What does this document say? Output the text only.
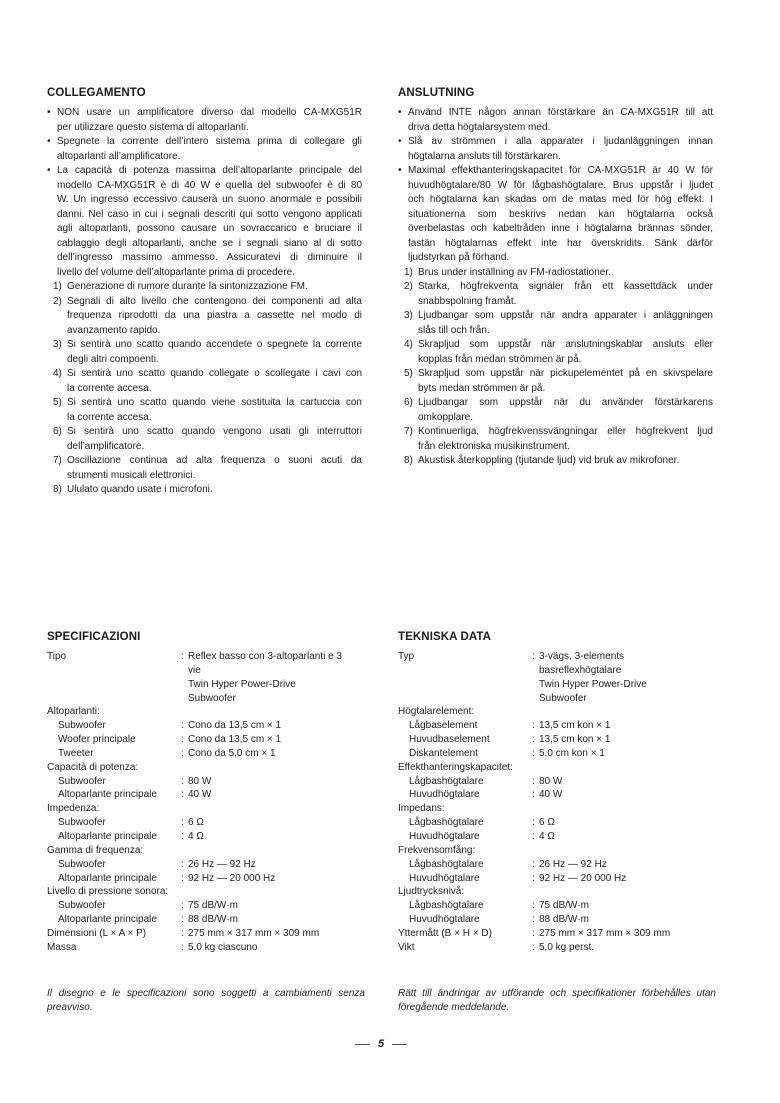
COLLEGAMENTO
• NON usare un amplificatore diverso dal modello CA-MXG51R
per utilizzare questo sistema di altoparlanti.
• Spegnete la corrente dell’intero sistema prima di collegare gli
altoparlanti all’amplificatore.
• La capacità di potenza massima dell’altoparlante principale del
modello CA-MXG51R è di 40 W e quella del subwoofer è di 80
W. Un ingresso eccessivo causerà un suono anormale e possibili
danni. Nel caso in cui i segnali descriti qui sotto vengono applicati
agli altoparlanti, possono causare un sovraccarico e bruciare il
cablaggio degli altoparlanti, anche se i segnali siano al di sotto
dell’ingresso massimo ammesso. Assicuratevi di diminuire il
livello del volume dell’altoparlante prima di procedere.
1) Generazione di rumore durante la sintonizzazione FM.
2) Segnali di alto livello che contengono dei componenti ad alta
frequenza riprodotti da una piastra a cassette nel modo di
avanzamento rapido.
3) Si sentirà uno scatto quando accendete o spegnete la corrente
degli altri compoenti.
4) Si sentirà uno scatto quando collegate o scollegate i cavi con
la corrente accesa.
5) Si sentirà uno scatto quando viene sostituita la cartuccia con
la corrente accesa.
6) Si sentirà uno scatto quando vengono usati gli interruttori
dell’amplificatore.
7) Oscillazione continua ad alta frequenza o suoni acuti da
strumenti musicali elettronici.
8) Ululato quando usate i microfoni.
ANSLUTNING
• Använd INTE någon annan förstärkare än CA-MXG51R till att
driva detta högtalarsystem med.
• Slå av strömmen i alla apparater i ljudanläggningen innan
högtalarna ansluts till förstärkaren.
• Maximal effekthanteringskapacitet för CA-MXG51R är 40 W för
huvudhögtalare/80 W för lågbashögtalare. Brus uppstår i ljudet
och högtalarna kan skadas om de matas med för hög effekt. I
situationerna som beskrivs nedan kan högtalarna också
överbelastas och kabeltråden inne i högtalarna brännas sönder,
fastän högtalarnas effekt inte har överskridits. Sänk därför
ljudstyrkan på förhand.
1) Brus under inställning av FM-radiostationer.
2) Starka, högfrekventa signaler från ett kassettdäck under
snabbspolning framåt.
3) Ljudbangar som uppstår när andra apparater i anläggningen
slås till och från.
4) Skrapljud som uppstår när anslutningskablar ansluts eller
kopplas från medan strömmen är på.
5) Skrapljud som uppstår när pickupelementet på en skivspelare
byts medan strömmen är på.
6) Ljudbangar som uppstår när du använder förstärkarens
omkopplare.
7) Kontinuerliga, högfrekvenssvängningar eller högfrekvent ljud
från elektroniska musikinstrument.
8) Akustisk återkoppling (tjutande ljud) vid bruk av mikrofoner.
SPECIFICAZIONI
Tipo	: Reflex basso con 3-altoparlanti e 3
vie
Twin Hyper Power-Drive
Subwoofer
Altoparlanti:
Subwoofer	: Cono da 13,5 cm × 1
Woofer principale	: Cono da 13,5 cm × 1
Tweeter	: Cono da 5,0 cm × 1
Capacità di potenza:
Subwoofer	: 80 W
Altoparlante principale	: 40 W
Impedenza:
Subwoofer	: 6 Ω
Altoparlante principale	: 4 Ω
Gamma di frequenza:
Subwoofer	: 26 Hz — 92 Hz
Altoparlante principale	: 92 Hz — 20 000 Hz
Livello di pressione sonora:
Subwoofer	: 75 dB/W·m
Altoparlante principale	: 88 dB/W·m
Dimensioni (L × A × P)	: 275 mm × 317 mm × 309 mm
Massa	: 5,0 kg ciascuno
TEKNISKA DATA
Typ	: 3-vägs, 3-elements
basreflexhögtalare
Twin Hyper Power-Drive
Subwoofer
Högtalarelement:
Lågbaselement	: 13,5 cm kon × 1
Huvudbaselement	: 13,5 cm kon × 1
Diskantelement	: 5,0 cm kon × 1
Effekthanteringskapacitet:
Lågbashögtalare	: 80 W
Huvudhögtalare	: 40 W
Impedans:
Lågbashögtalare	: 6 Ω
Huvudhögtalare	: 4 Ω
Frekvensomfång:
Lågbashögtalare	: 26 Hz — 92 Hz
Huvudhögtalare	: 92 Hz — 20 000 Hz
Ljudtrycksnivå:
Lågbashögtalare	: 75 dB/W·m
Huvudhögtalare	: 88 dB/W·m
Yttermått (B × H × D)	: 275 mm × 317 mm × 309 mm
Vikt	: 5,0 kg perst.
Il disegno e le specificazioni sono soggetti a cambiamenti senza
preavviso.
Rätt till ändringar av utförande och specifikationer förbehålles utan
föregående meddelande.
5
